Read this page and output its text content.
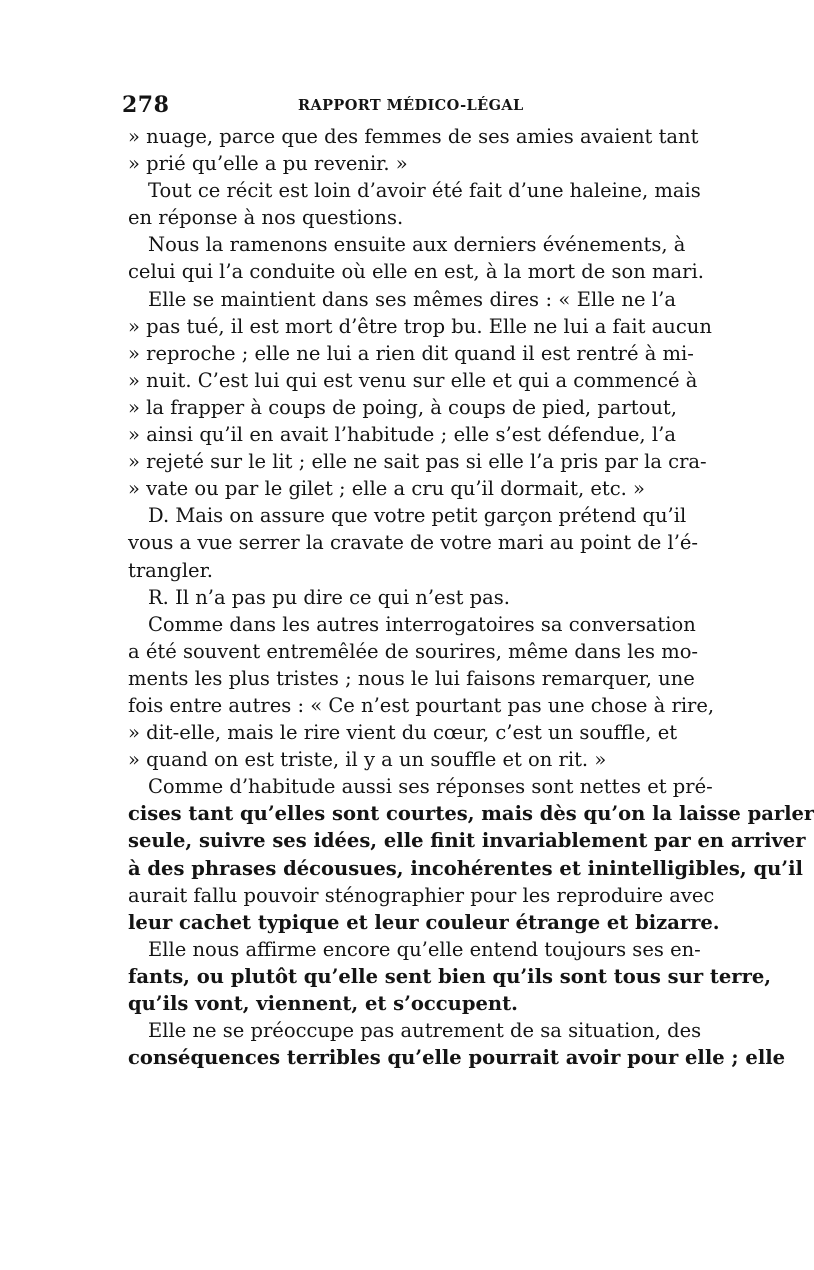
278	RAPPORT MÉDICO-LÉGAL
» nuage, parce que des femmes de ses amies avaient tant
» prié qu’elle a pu revenir. »
Tout ce récit est loin d’avoir été fait d’une haleine, mais
en réponse à nos questions.
Nous la ramenons ensuite aux derniers événements, à
celui qui l’a conduite où elle en est, à la mort de son mari.
Elle se maintient dans ses mêmes dires : « Elle ne l’a
» pas tué, il est mort d’être trop bu. Elle ne lui a fait aucun
» reproche ; elle ne lui a rien dit quand il est rentré à mi-
» nuit. C’est lui qui est venu sur elle et qui a commencé à
» la frapper à coups de poing, à coups de pied, partout,
» ainsi qu’il en avait l’habitude ; elle s’est défendue, l’a
» rejeté sur le lit ; elle ne sait pas si elle l’a pris par la cra-
» vate ou par le gilet ; elle a cru qu’il dormait, etc. »
D. Mais on assure que votre petit garçon prétend qu’il
vous a vue serrer la cravate de votre mari au point de l’é-
trangler.
R. Il n’a pas pu dire ce qui n’est pas.
Comme dans les autres interrogatoires sa conversation
a été souvent entremêlée de sourires, même dans les mo-
ments les plus tristes ; nous le lui faisons remarquer, une
fois entre autres : « Ce n’est pourtant pas une chose à rire,
» dit-elle, mais le rire vient du cœur, c’est un souffle, et
» quand on est triste, il y a un souffle et on rit. »
Comme d’habitude aussi ses réponses sont nettes et pré-
cises tant qu’elles sont courtes, mais dès qu’on la laisse parler
seule, suivre ses idées, elle finit invariablement par en arriver
à des phrases décousues, incohérentes et inintelligibles, qu’il
aurait fallu pouvoir sténographier pour les reproduire avec
leur cachet typique et leur couleur étrange et bizarre.
Elle nous affirme encore qu’elle entend toujours ses en-
fants, ou plutôt qu’elle sent bien qu’ils sont tous sur terre,
qu’ils vont, viennent, et s’occupent.
Elle ne se préoccupe pas autrement de sa situation, des
conséquences terribles qu’elle pourrait avoir pour elle ; elle
